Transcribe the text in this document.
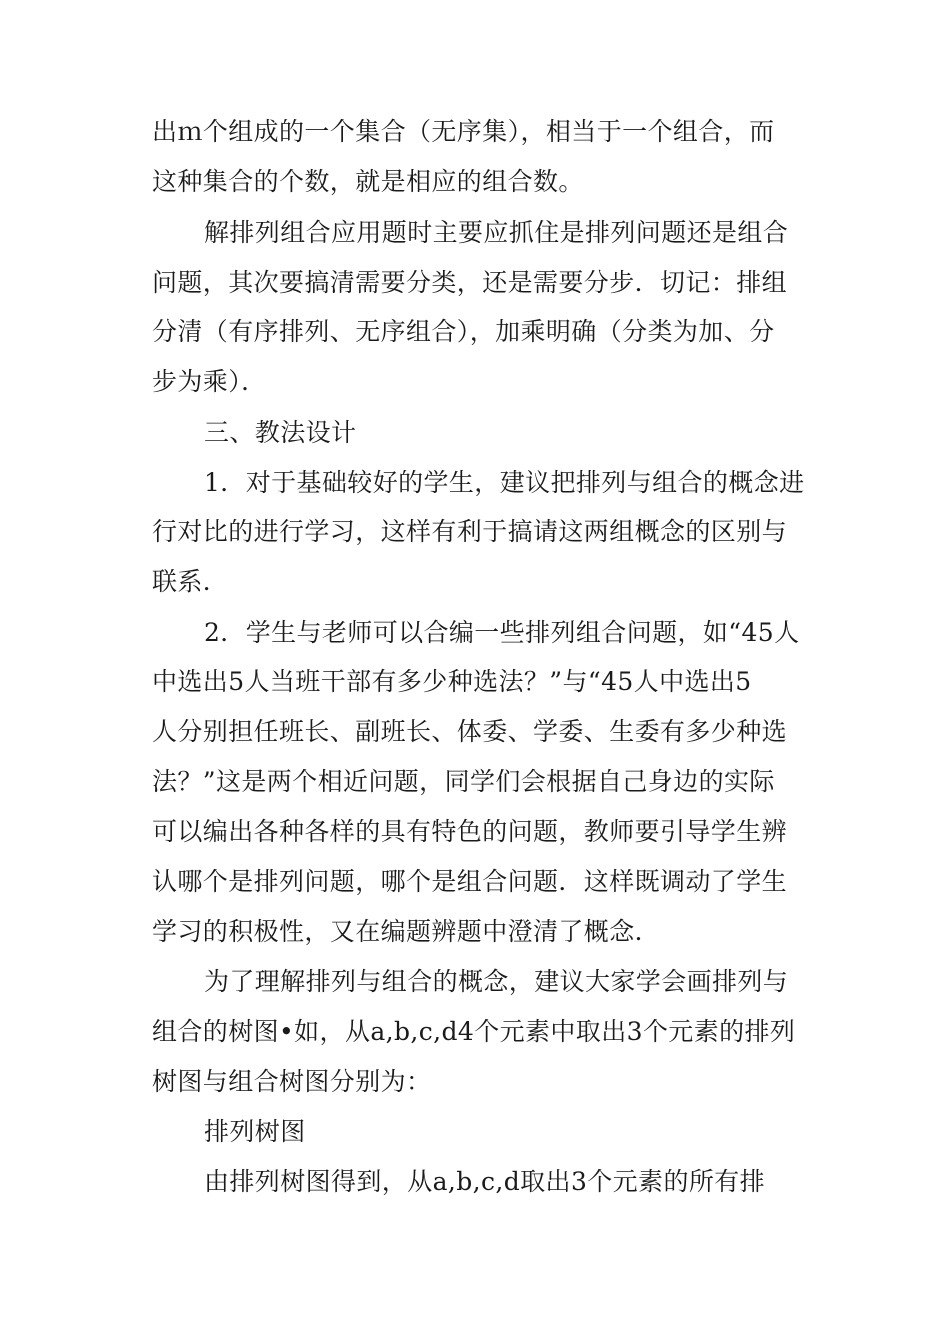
出ｍ个组成的一个集合（无序集），相当于一个组合，而

这种集合的个数，就是相应的组合数。

解排列组合应用题时主要应抓住是排列问题还是组合

问题，其次要搞清需要分类，还是需要分步．切记：排组

分清（有序排列、无序组合），加乘明确（分类为加、分

步为乘）．

三、教法设计

1．对于基础较好的学生，建议把排列与组合的概念进

行对比的进行学习，这样有利于搞请这两组概念的区别与

联系．

2．学生与老师可以合编一些排列组合问题，如“45人

中选出5人当班干部有多少种选法？”与“45人中选出5

人分别担任班长、副班长、体委、学委、生委有多少种选

法？”这是两个相近问题，同学们会根据自己身边的实际

可以编出各种各样的具有特色的问题，教师要引导学生辨

认哪个是排列问题，哪个是组合问题．这样既调动了学生

学习的积极性，又在编题辨题中澄清了概念．

为了理解排列与组合的概念，建议大家学会画排列与

组合的树图•如，从a,b,c,d4个元素中取出3个元素的排列

树图与组合树图分别为：

排列树图

由排列树图得到，从a,b,c,d取出3个元素的所有排
